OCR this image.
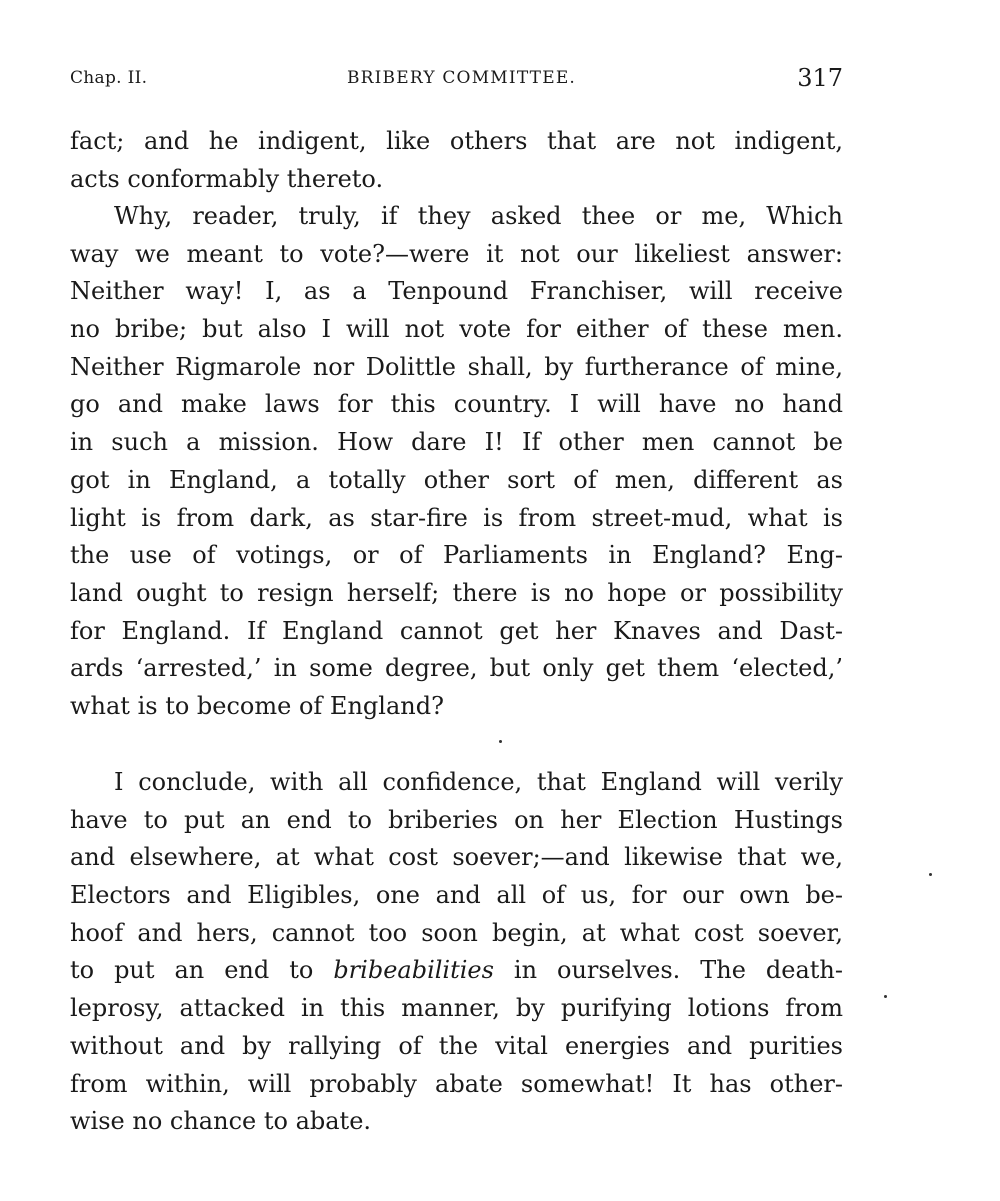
Chap. II.	BRIBERY COMMITTEE.	317
fact; and he indigent, like others that are not indigent,
acts conformably thereto.
Why, reader, truly, if they asked thee or me, Which
way we meant to vote?—were it not our likeliest answer:
Neither way! I, as a Tenpound Franchiser, will receive
no bribe; but also I will not vote for either of these men.
Neither Rigmarole nor Dolittle shall, by furtherance of mine,
go and make laws for this country. I will have no hand
in such a mission. How dare I! If other men cannot be
got in England, a totally other sort of men, different as
light is from dark, as star-fire is from street-mud, what is
the use of votings, or of Parliaments in England? Eng-
land ought to resign herself; there is no hope or possibility
for England. If England cannot get her Knaves and Dast-
ards ‘arrested,’ in some degree, but only get them ‘elected,’
what is to become of England?
I conclude, with all confidence, that England will verily
have to put an end to briberies on her Election Hustings
and elsewhere, at what cost soever;—and likewise that we,
Electors and Eligibles, one and all of us, for our own be-
hoof and hers, cannot too soon begin, at what cost soever,
to put an end to bribeabilities in ourselves. The death-
leprosy, attacked in this manner, by purifying lotions from
without and by rallying of the vital energies and purities
from within, will probably abate somewhat! It has other-
wise no chance to abate.
